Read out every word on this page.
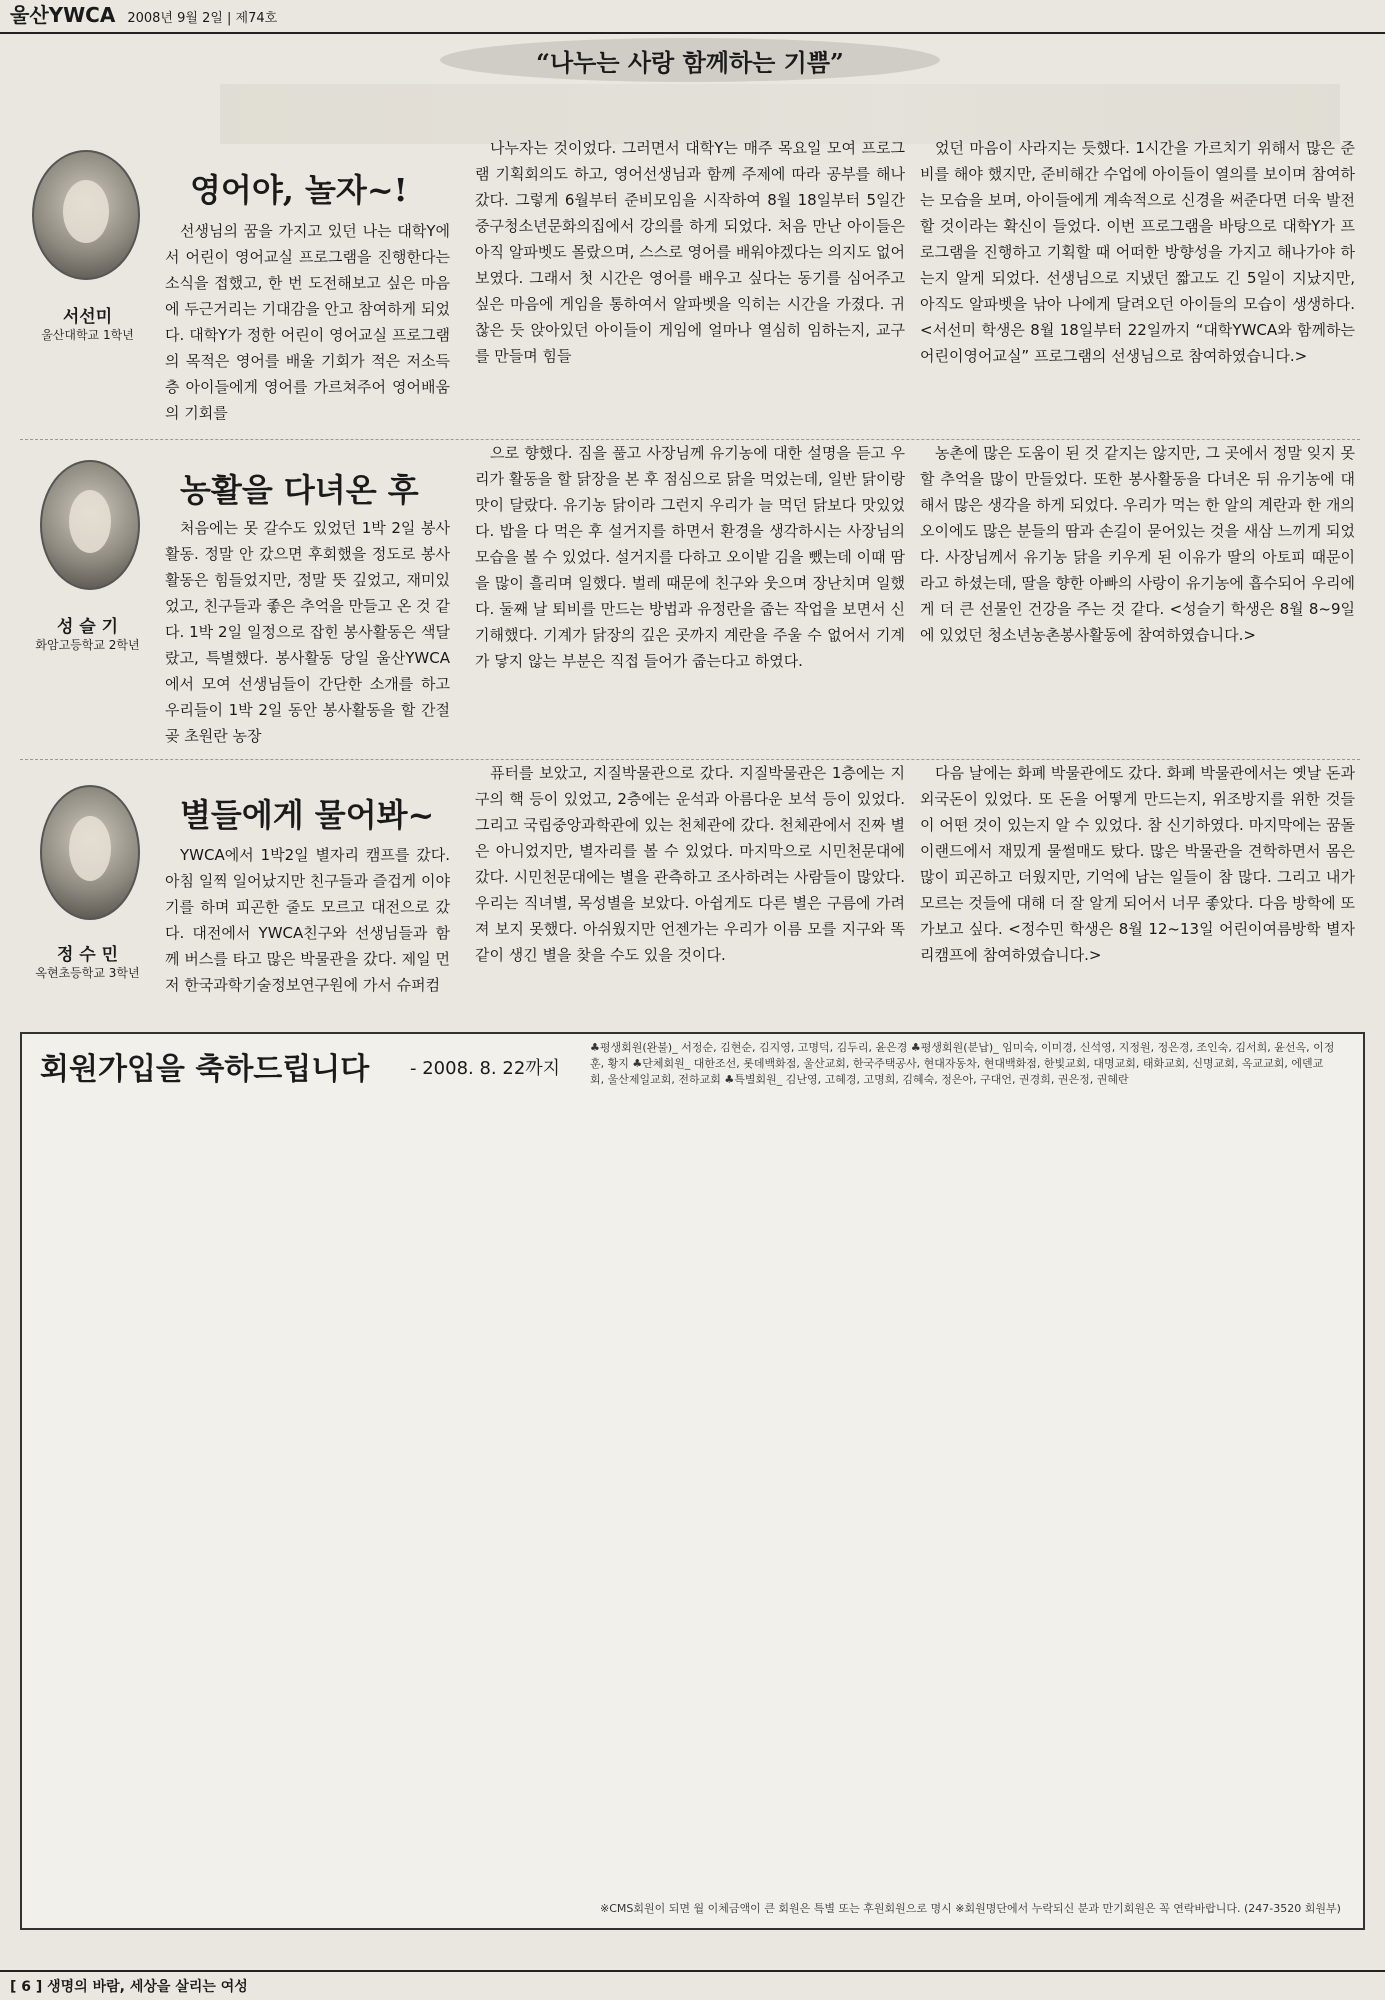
울산YWCA 2008년 9월 2일 | 제74호
“나누는 사랑 함께하는 기쁨”
서선미
울산대학교 1학년
영어야, 놀자~!

선생님의 꿈을 가지고 있던 나는 대학Y에서 어린이 영어교실 프로그램을 진행한다는 소식을 접했고, 한 번 도전해보고 싶은 마음에 두근거리는 기대감을 안고 참여하게 되었다. 대학Y가 정한 어린이 영어교실 프로그램의 목적은 영어를 배울 기회가 적은 저소득층 아이들에게 영어를 가르쳐주어 영어배움의 기회를

나누자는 것이었다. 그러면서 대학Y는 매주 목요일 모여 프로그램 기획회의도 하고, 영어선생님과 함께 주제에 따라 공부를 해나갔다. 그렇게 6월부터 준비모임을 시작하여 8월 18일부터 5일간 중구청소년문화의집에서 강의를 하게 되었다. 처음 만난 아이들은 아직 알파벳도 몰랐으며, 스스로 영어를 배워야겠다는 의지도 없어 보였다. 그래서 첫 시간은 영어를 배우고 싶다는 동기를 심어주고 싶은 마음에 게임을 통하여서 알파벳을 익히는 시간을 가졌다. 귀찮은 듯 앉아있던 아이들이 게임에 얼마나 열심히 임하는지, 교구를 만들며 힘들

었던 마음이 사라지는 듯했다. 1시간을 가르치기 위해서 많은 준비를 해야 했지만, 준비해간 수업에 아이들이 열의를 보이며 참여하는 모습을 보며, 아이들에게 계속적으로 신경을 써준다면 더욱 발전할 것이라는 확신이 들었다. 이번 프로그램을 바탕으로 대학Y가 프로그램을 진행하고 기획할 때 어떠한 방향성을 가지고 해나가야 하는지 알게 되었다. 선생님으로 지냈던 짧고도 긴 5일이 지났지만, 아직도 알파벳을 낚아 나에게 달려오던 아이들의 모습이 생생하다. <서선미 학생은 8월 18일부터 22일까지 “대학YWCA와 함께하는 어린이영어교실” 프로그램의 선생님으로 참여하였습니다.>

성 슬 기
화암고등학교 2학년
농활을 다녀온 후

처음에는 못 갈수도 있었던 1박 2일 봉사활동. 정말 안 갔으면 후회했을 정도로 봉사활동은 힘들었지만, 정말 뜻 깊었고, 재미있었고, 친구들과 좋은 추억을 만들고 온 것 같다. 1박 2일 일정으로 잡힌 봉사활동은 색달랐고, 특별했다. 봉사활동 당일 울산YWCA에서 모여 선생님들이 간단한 소개를 하고 우리들이 1박 2일 동안 봉사활동을 할 간절곶 초원란 농장

으로 향했다. 짐을 풀고 사장님께 유기농에 대한 설명을 듣고 우리가 활동을 할 닭장을 본 후 점심으로 닭을 먹었는데, 일반 닭이랑 맛이 달랐다. 유기농 닭이라 그런지 우리가 늘 먹던 닭보다 맛있었다. 밥을 다 먹은 후 설거지를 하면서 환경을 생각하시는 사장님의 모습을 볼 수 있었다. 설거지를 다하고 오이밭 김을 뺐는데 이때 땀을 많이 흘리며 일했다. 벌레 때문에 친구와 웃으며 장난치며 일했다. 둘째 날 퇴비를 만드는 방법과 유정란을 줍는 작업을 보면서 신기해했다. 기계가 닭장의 깊은 곳까지 계란을 주울 수 없어서 기계가 닿지 않는 부분은 직접 들어가 줍는다고 하였다.

농촌에 많은 도움이 된 것 같지는 않지만, 그 곳에서 정말 잊지 못할 추억을 많이 만들었다. 또한 봉사활동을 다녀온 뒤 유기농에 대해서 많은 생각을 하게 되었다. 우리가 먹는 한 알의 계란과 한 개의 오이에도 많은 분들의 땀과 손길이 묻어있는 것을 새삼 느끼게 되었다. 사장님께서 유기농 닭을 키우게 된 이유가 딸의 아토피 때문이라고 하셨는데, 딸을 향한 아빠의 사랑이 유기농에 흡수되어 우리에게 더 큰 선물인 건강을 주는 것 같다. <성슬기 학생은 8월 8~9일에 있었던 청소년농촌봉사활동에 참여하였습니다.>

정 수 민
옥현초등학교 3학년
별들에게 물어봐~

YWCA에서 1박2일 별자리 캠프를 갔다. 아침 일찍 일어났지만 친구들과 즐겁게 이야기를 하며 피곤한 줄도 모르고 대전으로 갔다. 대전에서 YWCA친구와 선생님들과 함께 버스를 타고 많은 박물관을 갔다. 제일 먼저 한국과학기술정보연구원에 가서 슈퍼컴

퓨터를 보았고, 지질박물관으로 갔다. 지질박물관은 1층에는 지구의 핵 등이 있었고, 2층에는 운석과 아름다운 보석 등이 있었다. 그리고 국립중앙과학관에 있는 천체관에 갔다. 천체관에서 진짜 별은 아니었지만, 별자리를 볼 수 있었다. 마지막으로 시민천문대에 갔다. 시민천문대에는 별을 관측하고 조사하려는 사람들이 많았다. 우리는 직녀별, 목성별을 보았다. 아쉽게도 다른 별은 구름에 가려져 보지 못했다. 아쉬웠지만 언젠가는 우리가 이름 모를 지구와 똑같이 생긴 별을 찾을 수도 있을 것이다.

다음 날에는 화폐 박물관에도 갔다. 화폐 박물관에서는 옛날 돈과 외국돈이 있었다. 또 돈을 어떻게 만드는지, 위조방지를 위한 것들이 어떤 것이 있는지 알 수 있었다. 참 신기하였다. 마지막에는 꿈돌이랜드에서 재밌게 물썰매도 탔다. 많은 박물관을 견학하면서 몸은 많이 피곤하고 더웠지만, 기억에 남는 일들이 참 많다. 그리고 내가 모르는 것들에 대해 더 잘 알게 되어서 너무 좋았다. 다음 방학에 또 가보고 싶다. <정수민 학생은 8월 12~13일 어린이여름방학 별자리캠프에 참여하였습니다.>

회원가입을 축하드립니다 - 2008. 8. 22까지
♣평생회원(완불)_ 서정순, 김현순, 김지영, 고명덕, 김두리, 윤은경 ♣평생회원(분납)_ 임미숙, 이미경, 신석영, 지정원, 정은경, 조인숙, 김서희, 윤선옥, 이정훈, 황지 ♣단체회원_ 대한조선, 롯데백화점, 울산교회, 한국주택공사, 현대자동차, 현대백화점, 한빛교회, 대명교회, 태화교회, 신명교회, 옥교교회, 에덴교회, 울산제일교회, 전하교회 ♣특별회원_ 김난영, 고혜경, 고명희, 김혜숙, 정은아, 구대언, 권경희, 권은정, 권혜란
※CMS회원이 되면 월 이체금액이 큰 회원은 특별 또는 후원회원으로 명시 ※회원명단에서 누락되신 분과 만기회원은 꼭 연락바랍니다. (247-3520 회원부)
[ 6 ] 생명의 바람, 세상을 살리는 여성
